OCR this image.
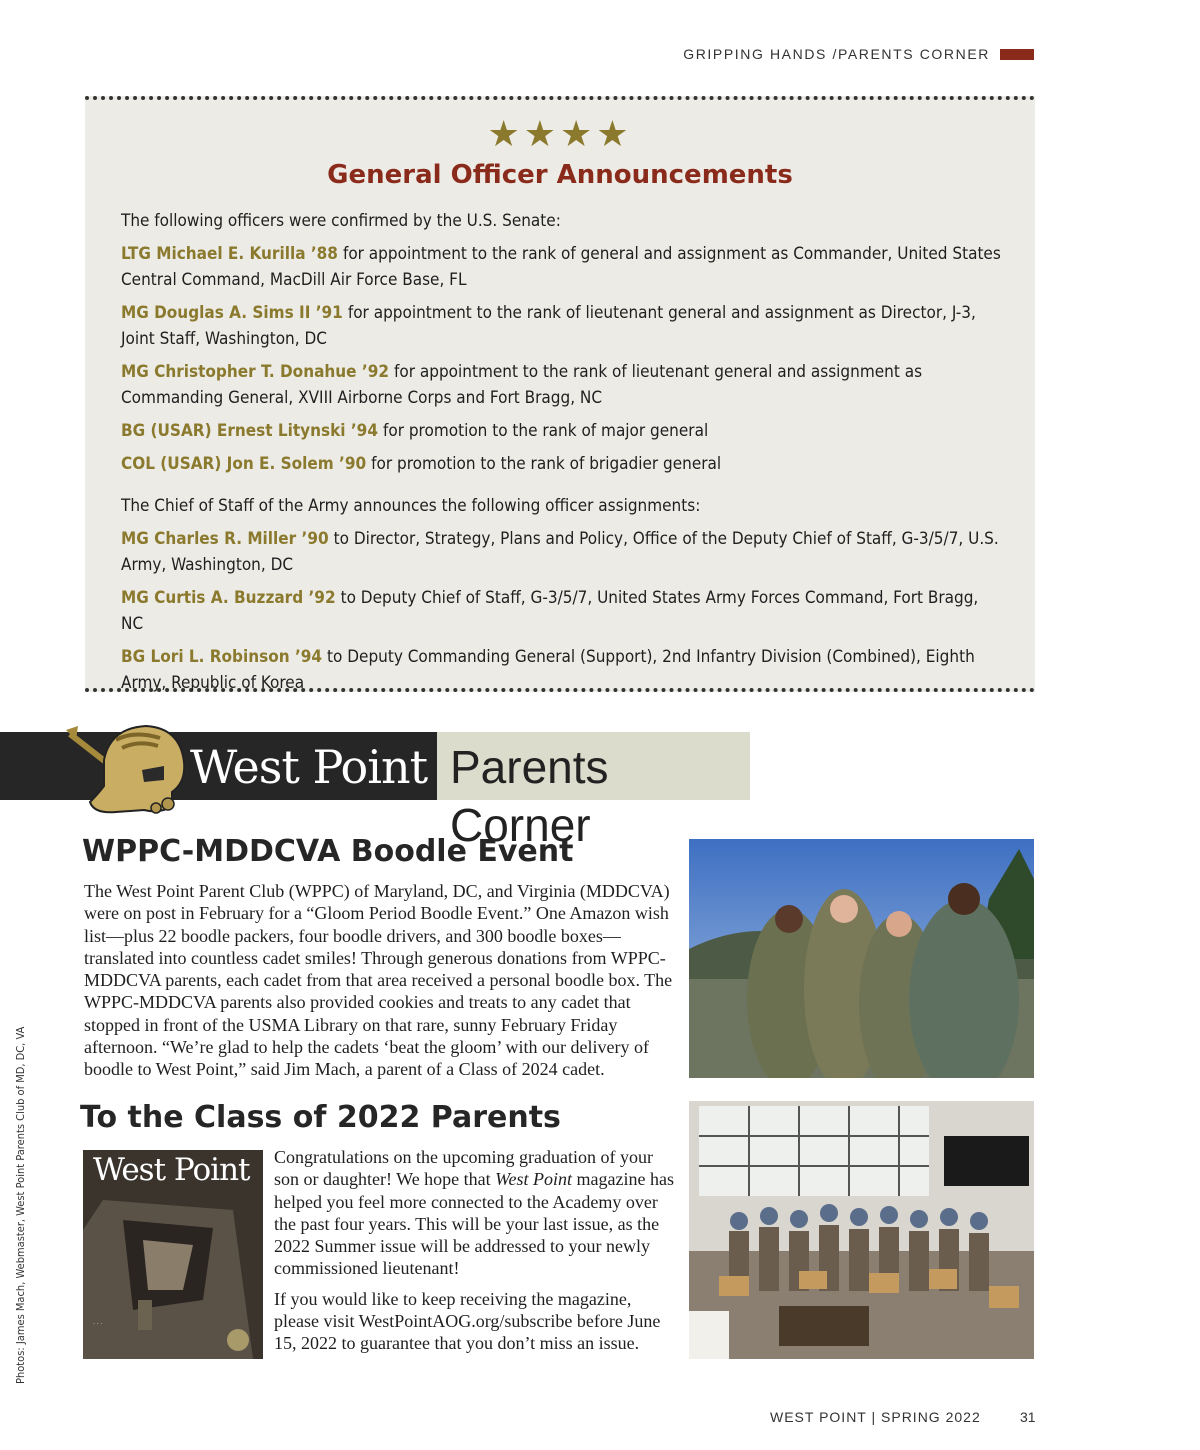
GRIPPING HANDS /PARENTS CORNER
★★★★
General Officer Announcements

The following officers were confirmed by the U.S. Senate:

LTG Michael E. Kurilla ’88 for appointment to the rank of general and assignment as Commander, United States Central Command, MacDill Air Force Base, FL

MG Douglas A. Sims II ’91 for appointment to the rank of lieutenant general and assignment as Director, J-3, Joint Staff, Washington, DC

MG Christopher T. Donahue ’92 for appointment to the rank of lieutenant general and assignment as Commanding General, XVIII Airborne Corps and Fort Bragg, NC

BG (USAR) Ernest Litynski ’94 for promotion to the rank of major general

COL (USAR) Jon E. Solem ’90 for promotion to the rank of brigadier general

The Chief of Staff of the Army announces the following officer assignments:

MG Charles R. Miller ’90 to Director, Strategy, Plans and Policy, Office of the Deputy Chief of Staff, G-3/5/7, U.S. Army, Washington, DC

MG Curtis A. Buzzard ’92 to Deputy Chief of Staff, G-3/5/7, United States Army Forces Command, Fort Bragg, NC

BG Lori L. Robinson ’94 to Deputy Commanding General (Support), 2nd Infantry Division (Combined), Eighth Army, Republic of Korea

West Point Parents Corner
WPPC-MDDCVA Boodle Event
The West Point Parent Club (WPPC) of Maryland, DC, and Virginia (MDDCVA) were on post in February for a “Gloom Period Boodle Event.” One Amazon wish list—plus 22 boodle packers, four boodle drivers, and 300 boodle boxes—translated into countless cadet smiles! Through generous donations from WPPC-MDDCVA parents, each cadet from that area received a personal boodle box. The WPPC-MDDCVA parents also provided cookies and treats to any cadet that stopped in front of the USMA Library on that rare, sunny February Friday afternoon. “We’re glad to help the cadets ‘beat the gloom’ with our delivery of boodle to West Point,” said Jim Mach, a parent of a Class of 2024 cadet.
To the Class of 2022 Parents
· · ·
West Point Congratulations on the upcoming graduation of your son or daughter! We hope that West Point magazine has helped you feel more connected to the Academy over the past four years. This will be your last issue, as the 2022 Summer issue will be addressed to your newly commissioned lieutenant!

If you would like to keep receiving the magazine, please visit WestPointAOG.org/subscribe before June 15, 2022 to guarantee that you don’t miss an issue.

Photos: James Mach, Webmaster, West Point Parents Club of MD, DC, VA
WEST POINT | SPRING 2022	31
